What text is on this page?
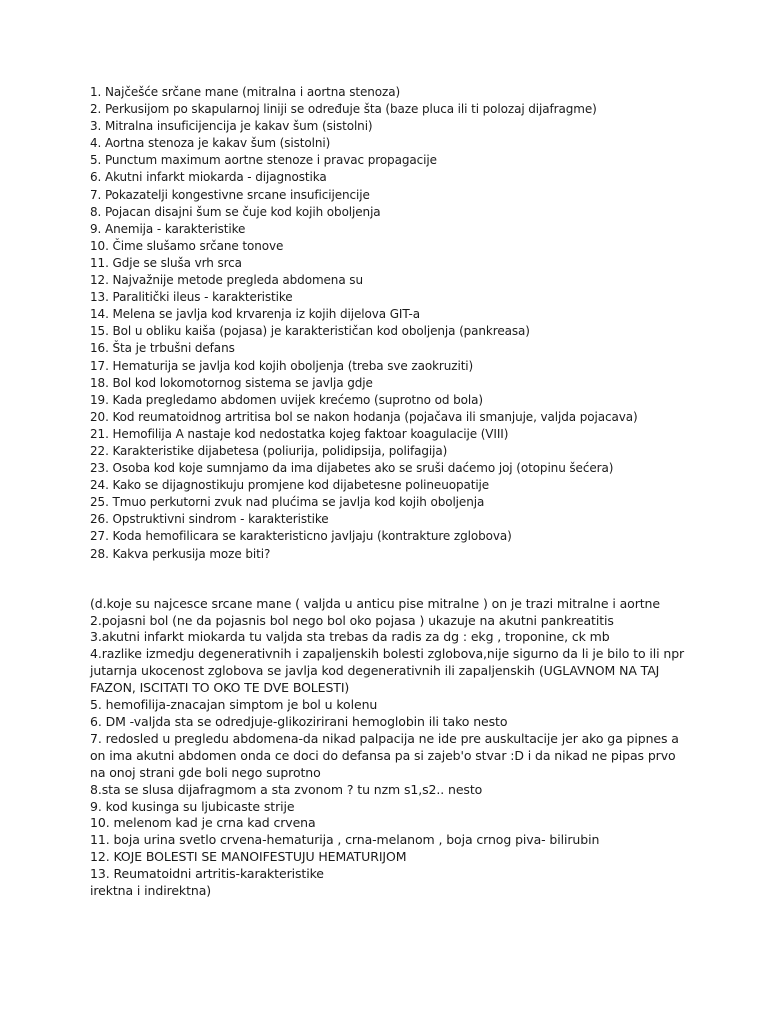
1. Najčešće srčane mane (mitralna i aortna stenoza)
2. Perkusijom po skapularnoj liniji se određuje šta (baze pluca ili ti polozaj dijafragme)
3. Mitralna insuficijencija je kakav šum (sistolni)
4. Aortna stenoza je kakav šum (sistolni)
5. Punctum maximum aortne stenoze i pravac propagacije
6. Akutni infarkt miokarda - dijagnostika
7. Pokazatelji kongestivne srcane insuficijencije
8. Pojacan disajni šum se čuje kod kojih obolјenja
9. Anemija - karakteristike
10. Čime slušamo srčane tonove
11. Gdje se sluša vrh srca
12. Najvažnije metode pregleda abdomena su
13. Paralitički ileus - karakteristike
14. Melena se javlja kod krvarenja iz kojih dijelova GIT-a
15. Bol u obliku kaiša (pojasa) je karakterističan kod obolјenja (pankreasa)
16. Šta je trbušni defans
17. Hematurija se javlja kod kojih obolјenja (treba sve zaokruziti)
18. Bol kod lokomotornog sistema se javlja gdje
19. Kada pregledamo abdomen uvijek krećemo (suprotno od bola)
20. Kod reumatoidnog artritisa bol se nakon hodanja (pojačava ili smanjuje, valjda pojacava)
21. Hemofilija A nastaje kod nedostatka kojeg faktoar koagulacije (VIII)
22. Karakteristike dijabetesa (poliurija, polidipsija, polifagija)
23. Osoba kod koje sumnjamo da ima dijabetes ako se sruši daćemo joj (otopinu šećera)
24. Kako se dijagnostikuju promjene kod dijabetesne polineuopatije
25. Tmuo perkutorni zvuk nad plućima se javlja kod kojih obolјenja
26. Opstruktivni sindrom - karakteristike
27. Koda hemofilicara se karakteristicno javljaju (kontrakture zglobova)
28. Kakva perkusija moze biti?
(d.koje su najcesce srcane mane ( valjda u anticu pise mitralne ) on je trazi mitralne i aortne
2.pojasni bol (ne da pojasnis bol nego bol oko pojasa ) ukazuje na akutni pankreatitis
3.akutni infarkt miokarda tu valjda sta trebas da radis za dg : ekg , troponine, ck mb
4.razlike izmedju degenerativnih i zapaljenskih bolesti zglobova,nije sigurno da li je bilo to ili npr jutarnja ukocenost zglobova se javlja kod degenerativnih ili zapaljenskih (UGLAVNOM NA TAJ FAZON, ISCITATI TO OKO TE DVE BOLESTI)
5. hemofilija-znacajan simptom je bol u kolenu
6. DM -valjda sta se odredjuje-glikozirirani hemoglobin ili tako nesto
7. redosled u pregledu abdomena-da nikad palpacija ne ide pre auskultacije jer ako ga pipnes a on ima akutni abdomen onda ce doci do defansa pa si zajeb'o stvar :D i da nikad ne pipas prvo na onoj strani gde boli nego suprotno
8.sta se slusa dijafragmom a sta zvonom ? tu nzm s1,s2.. nesto
9. kod kusinga su ljubicaste strije
10. melenom kad je crna kad crvena
11. boja urina svetlo crvena-hematurija , crna-melanom , boja crnog piva- bilirubin
12. KOJE BOLESTI SE MANOIFESTUJU HEMATURIJOM
13. Reumatoidni artritis-karakteristike
irektna i indirektna)
